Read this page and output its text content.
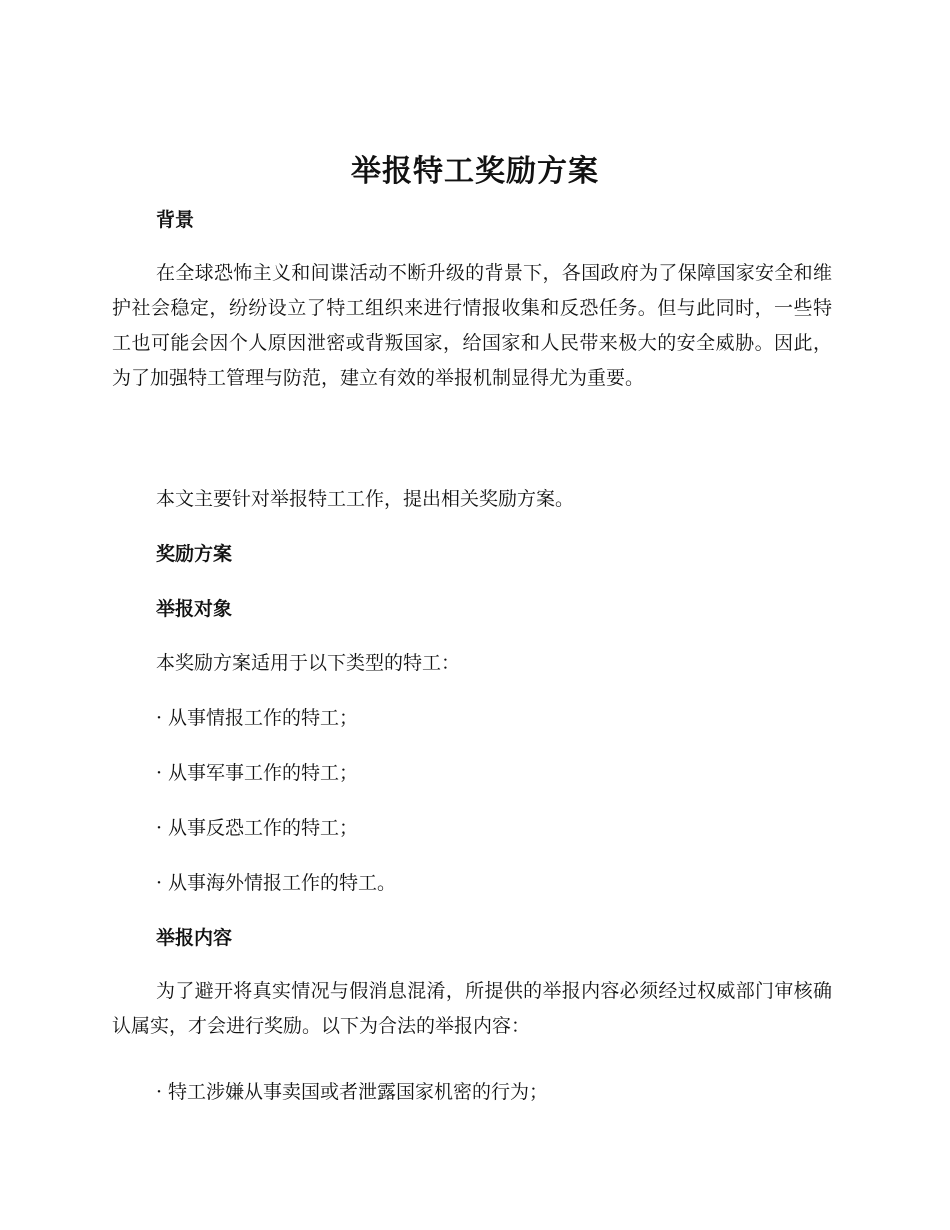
举报特工奖励方案
背景

在全球恐怖主义和间谍活动不断升级的背景下，各国政府为了保障国家安全和维护社会稳定，纷纷设立了特工组织来进行情报收集和反恐任务。但与此同时，一些特工也可能会因个人原因泄密或背叛国家，给国家和人民带来极大的安全威胁。因此，为了加强特工管理与防范，建立有效的举报机制显得尤为重要。

本文主要针对举报特工工作，提出相关奖励方案。

奖励方案
举报对象

本奖励方案适用于以下类型的特工：

· 从事情报工作的特工；

· 从事军事工作的特工；

· 从事反恐工作的特工；

· 从事海外情报工作的特工。

举报内容

为了避开将真实情况与假消息混淆，所提供的举报内容必须经过权威部门审核确认属实，才会进行奖励。以下为合法的举报内容：

· 特工涉嫌从事卖国或者泄露国家机密的行为；
